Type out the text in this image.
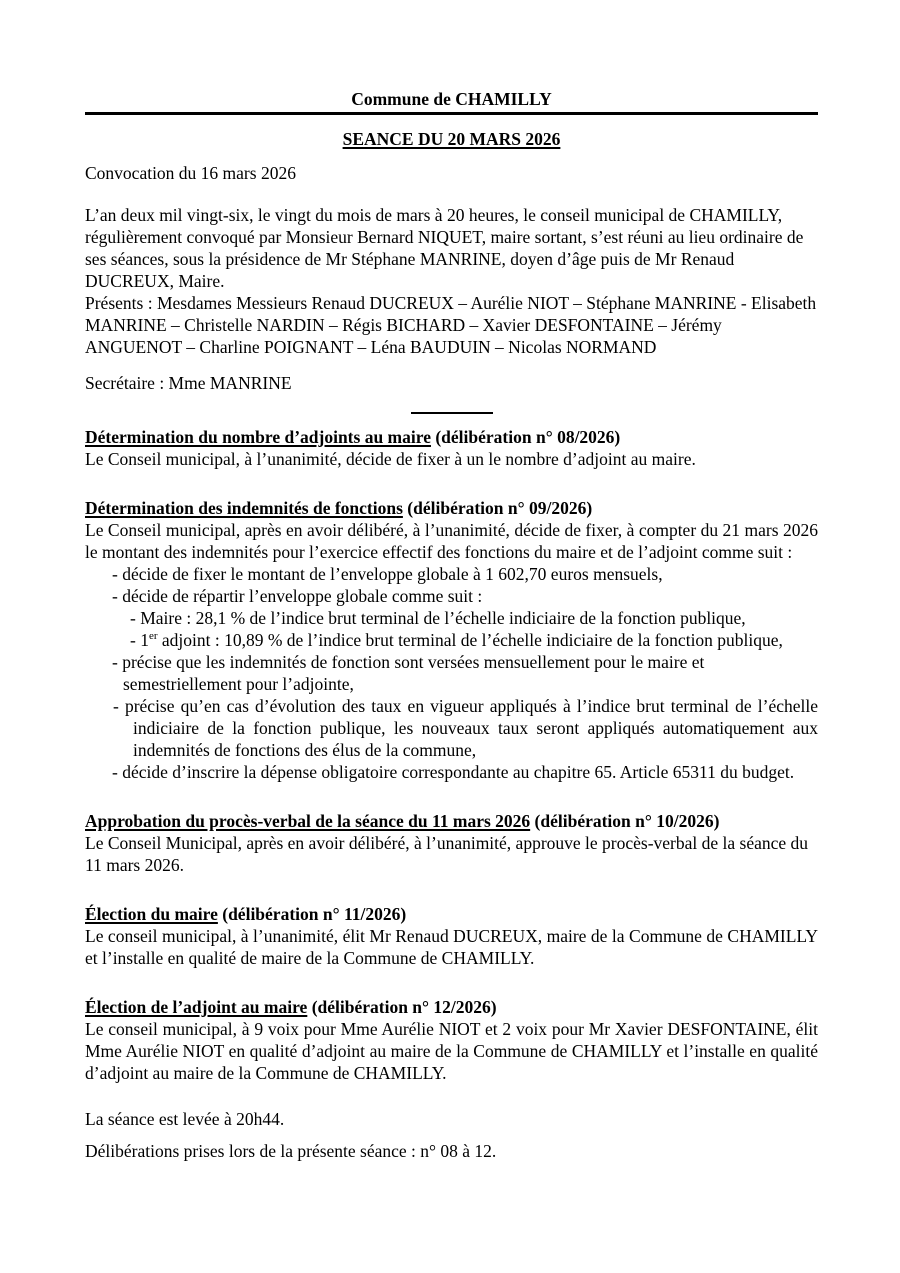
Commune de CHAMILLY
SEANCE DU 20 MARS 2026

Convocation du 16 mars 2026

L’an deux mil vingt-six, le vingt du mois de mars à 20 heures, le conseil municipal de CHAMILLY, régulièrement convoqué par Monsieur Bernard NIQUET, maire sortant, s’est réuni au lieu ordinaire de ses séances, sous la présidence de Mr Stéphane MANRINE, doyen d’âge puis de Mr Renaud DUCREUX, Maire.

Présents : Mesdames Messieurs Renaud DUCREUX – Aurélie NIOT – Stéphane MANRINE - Elisabeth MANRINE – Christelle NARDIN – Régis BICHARD – Xavier DESFONTAINE – Jérémy ANGUENOT – Charline POIGNANT – Léna BAUDUIN – Nicolas NORMAND

Secrétaire : Mme MANRINE

Détermination du nombre d’adjoints au maire (délibération n° 08/2026)

Le Conseil municipal, à l’unanimité, décide de fixer à un le nombre d’adjoint au maire.

Détermination des indemnités de fonctions (délibération n° 09/2026)

Le Conseil municipal, après en avoir délibéré, à l’unanimité, décide de fixer, à compter du 21 mars 2026 le montant des indemnités pour l’exercice effectif des fonctions du maire et de l’adjoint comme suit :

- décide de fixer le montant de l’enveloppe globale à 1 602,70 euros mensuels,
- décide de répartir l’enveloppe globale comme suit :
- Maire : 28,1 % de l’indice brut terminal de l’échelle indiciaire de la fonction publique,
- 1er adjoint : 10,89 % de l’indice brut terminal de l’échelle indiciaire de la fonction publique,
- précise que les indemnités de fonction sont versées mensuellement pour le maire et semestriellement pour l’adjointe,
- précise qu’en cas d’évolution des taux en vigueur appliqués à l’indice brut terminal de l’échelle indiciaire de la fonction publique, les nouveaux taux seront appliqués automatiquement aux indemnités de fonctions des élus de la commune,
- décide d’inscrire la dépense obligatoire correspondante au chapitre 65. Article 65311 du budget.
Approbation du procès-verbal de la séance du 11 mars 2026 (délibération n° 10/2026)

Le Conseil Municipal, après en avoir délibéré, à l’unanimité, approuve le procès-verbal de la séance du 11 mars 2026.

Élection du maire (délibération n° 11/2026)

Le conseil municipal, à l’unanimité, élit Mr Renaud DUCREUX, maire de la Commune de CHAMILLY et l’installe en qualité de maire de la Commune de CHAMILLY.

Élection de l’adjoint au maire (délibération n° 12/2026)

Le conseil municipal, à 9 voix pour Mme Aurélie NIOT et 2 voix pour Mr Xavier DESFONTAINE, élit Mme Aurélie NIOT en qualité d’adjoint au maire de la Commune de CHAMILLY et l’installe en qualité d’adjoint au maire de la Commune de CHAMILLY.

La séance est levée à 20h44.

Délibérations prises lors de la présente séance : n° 08 à 12.
